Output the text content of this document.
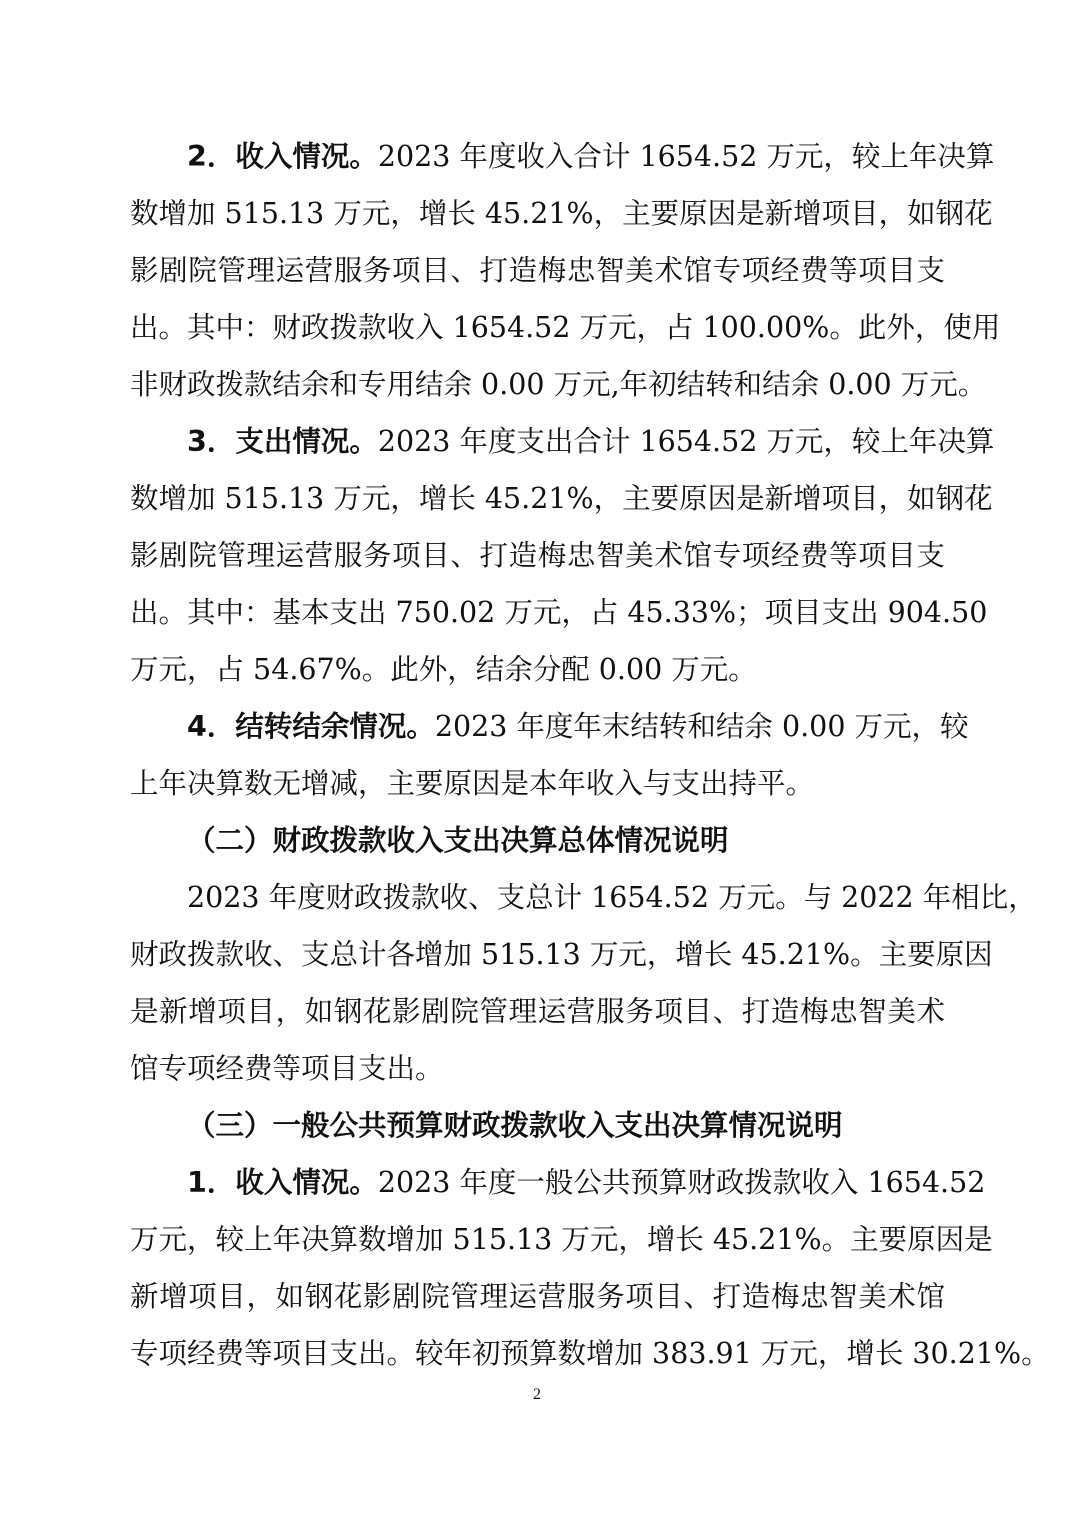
2．收入情况。2023 年度收入合计 1654.52 万元，较上年决算
数增加 515.13 万元，增长 45.21%，主要原因是新增项目，如钢花
影剧院管理运营服务项目、打造梅忠智美术馆专项经费等项目支
出。其中：财政拨款收入 1654.52 万元，占 100.00%。此外，使用
非财政拨款结余和专用结余 0.00 万元,年初结转和结余 0.00 万元。
3．支出情况。2023 年度支出合计 1654.52 万元，较上年决算
数增加 515.13 万元，增长 45.21%，主要原因是新增项目，如钢花
影剧院管理运营服务项目、打造梅忠智美术馆专项经费等项目支
出。其中：基本支出 750.02 万元，占 45.33%；项目支出 904.50
万元，占 54.67%。此外，结余分配 0.00 万元。
4．结转结余情况。2023 年度年末结转和结余 0.00 万元，较
上年决算数无增减，主要原因是本年收入与支出持平。
（二）财政拨款收入支出决算总体情况说明
2023 年度财政拨款收、支总计 1654.52 万元。与 2022 年相比，
财政拨款收、支总计各增加 515.13 万元，增长 45.21%。主要原因
是新增项目，如钢花影剧院管理运营服务项目、打造梅忠智美术
馆专项经费等项目支出。
（三）一般公共预算财政拨款收入支出决算情况说明
1．收入情况。2023 年度一般公共预算财政拨款收入 1654.52
万元，较上年决算数增加 515.13 万元，增长 45.21%。主要原因是
新增项目，如钢花影剧院管理运营服务项目、打造梅忠智美术馆
专项经费等项目支出。较年初预算数增加 383.91 万元，增长 30.21%。
2
